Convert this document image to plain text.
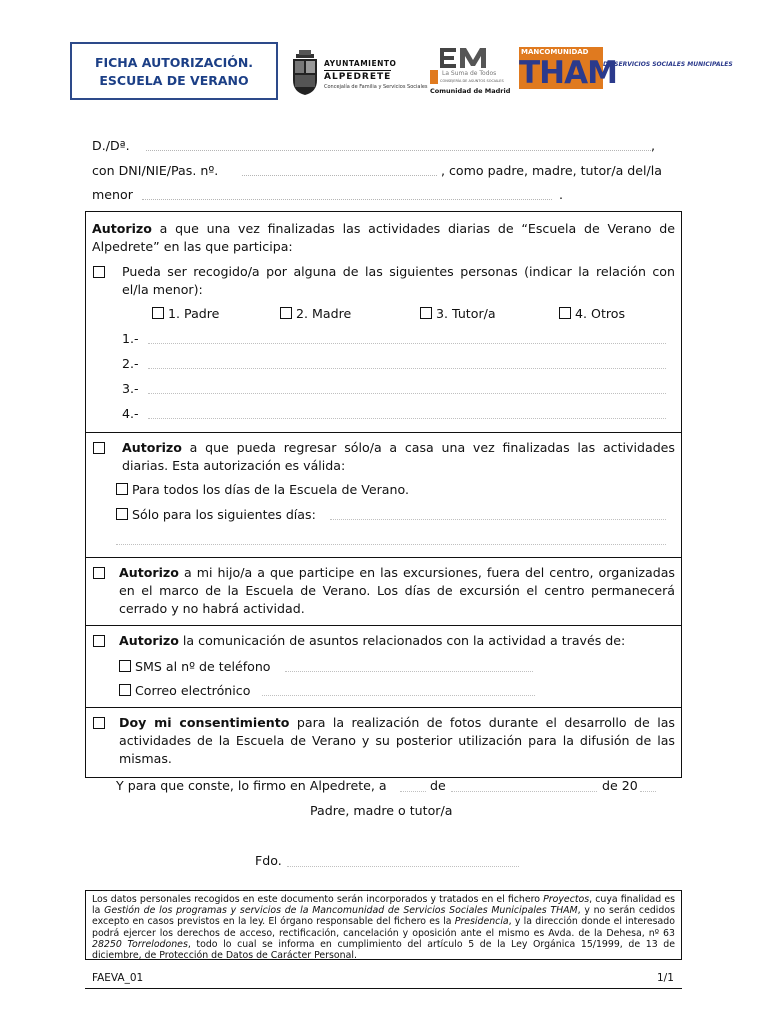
FICHA AUTORIZACIÓN.
ESCUELA DE VERANO
AYUNTAMIENTO
ALPEDRETE
Concejalía de Familia y Servicios Sociales
La Suma de Todos
CONSEJERÍA DE ASUNTOS SOCIALES
Comunidad de Madrid
MANCOMUNIDAD
THAM
DE SERVICIOS SOCIALES MUNICIPALES
D./Dª.	,
con DNI/NIE/Pas. nº.	, como padre, madre, tutor/a del/la
menor	.
Autorizo a que una vez finalizadas las actividades diarias de “Escuela de Verano de Alpedrete” en las que participa:
Pueda ser recogido/a por alguna de las siguientes personas (indicar la relación con el/la menor):
1. Padre	2. Madre	3. Tutor/a	4. Otros
1.-
2.-
3.-
4.-
Autorizo a que pueda regresar sólo/a a casa una vez finalizadas las actividades diarias. Esta autorización es válida:
Para todos los días de la Escuela de Verano.
Sólo para los siguientes días:
Autorizo a mi hijo/a a que participe en las excursiones, fuera del centro, organizadas en el marco de la Escuela de Verano. Los días de excursión el centro permanecerá cerrado y no habrá actividad.
Autorizo la comunicación de asuntos relacionados con la actividad a través de:
SMS al nº de teléfono
Correo electrónico
Doy mi consentimiento para la realización de fotos durante el desarrollo de las actividades de la Escuela de Verano y su posterior utilización para la difusión de las mismas.
Y para que conste, lo firmo en Alpedrete, a	de	de 20
Padre, madre o tutor/a
Fdo.
Los datos personales recogidos en este documento serán incorporados y tratados en el fichero Proyectos, cuya finalidad es la Gestión de los programas y servicios de la Mancomunidad de Servicios Sociales Municipales THAM, y no serán cedidos excepto en casos previstos en la ley. El órgano responsable del fichero es la Presidencia, y la dirección donde el interesado podrá ejercer los derechos de acceso, rectificación, cancelación y oposición ante el mismo es Avda. de la Dehesa, nº 63 28250 Torrelodones, todo lo cual se informa en cumplimiento del artículo 5 de la Ley Orgánica 15/1999, de 13 de diciembre, de Protección de Datos de Carácter Personal.
FAEVA_01	1/1
